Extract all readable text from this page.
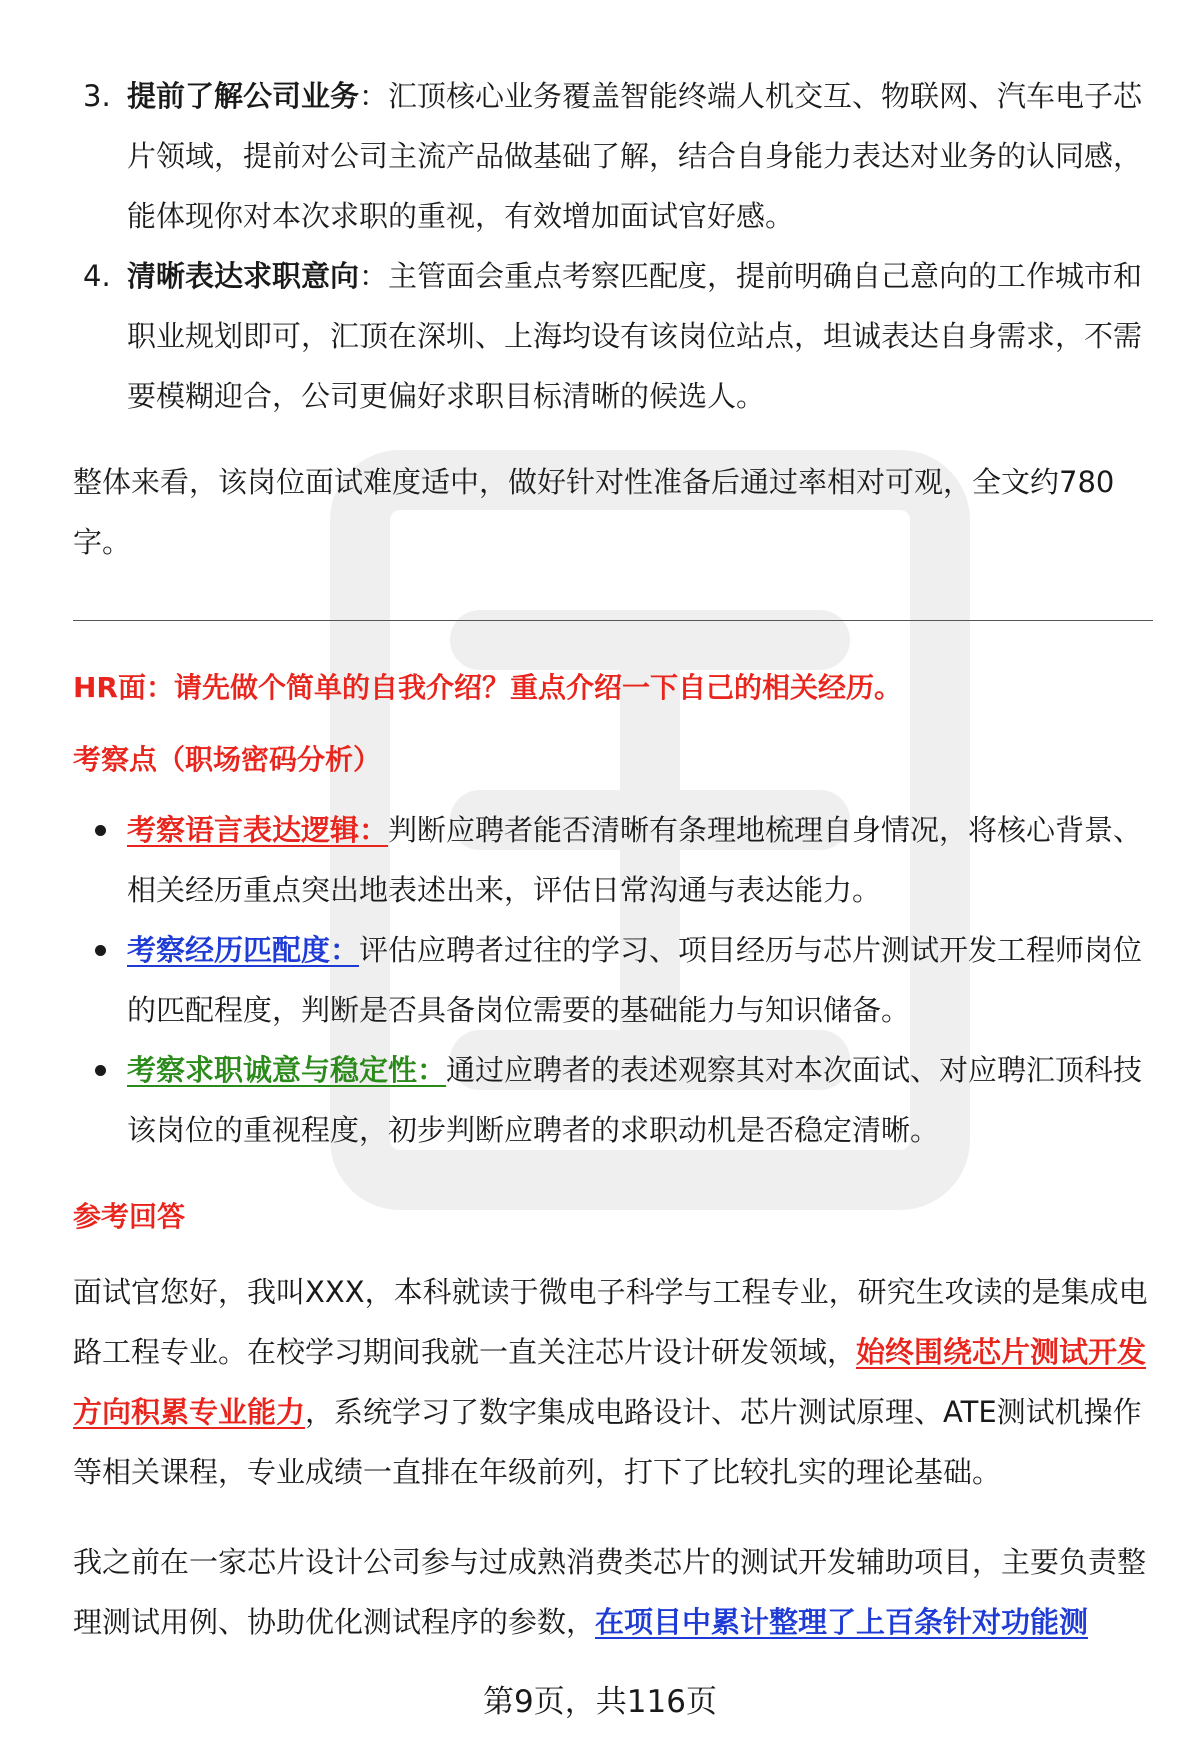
3. 提前了解公司业务：汇顶核心业务覆盖智能终端人机交互、物联网、汽车电子芯片领域，提前对公司主流产品做基础了解，结合自身能力表达对业务的认同感，能体现你对本次求职的重视，有效增加面试官好感。
4. 清晰表达求职意向：主管面会重点考察匹配度，提前明确自己意向的工作城市和职业规划即可，汇顶在深圳、上海均设有该岗位站点，坦诚表达自身需求，不需要模糊迎合，公司更偏好求职目标清晰的候选人。
整体来看，该岗位面试难度适中，做好针对性准备后通过率相对可观，全文约780字。
HR面：请先做个简单的自我介绍？重点介绍一下自己的相关经历。
考察点（职场密码分析）
考察语言表达逻辑：判断应聘者能否清晰有条理地梳理自身情况，将核心背景、相关经历重点突出地表述出来，评估日常沟通与表达能力。
考察经历匹配度：评估应聘者过往的学习、项目经历与芯片测试开发工程师岗位的匹配程度，判断是否具备岗位需要的基础能力与知识储备。
考察求职诚意与稳定性：通过应聘者的表述观察其对本次面试、对应聘汇顶科技该岗位的重视程度，初步判断应聘者的求职动机是否稳定清晰。
参考回答
面试官您好，我叫XXX，本科就读于微电子科学与工程专业，研究生攻读的是集成电路工程专业。在校学习期间我就一直关注芯片设计研发领域，始终围绕芯片测试开发方向积累专业能力，系统学习了数字集成电路设计、芯片测试原理、ATE测试机操作等相关课程，专业成绩一直排在年级前列，打下了比较扎实的理论基础。
我之前在一家芯片设计公司参与过成熟消费类芯片的测试开发辅助项目，主要负责整理测试用例、协助优化测试程序的参数，在项目中累计整理了上百条针对功能测
第9页，共116页
